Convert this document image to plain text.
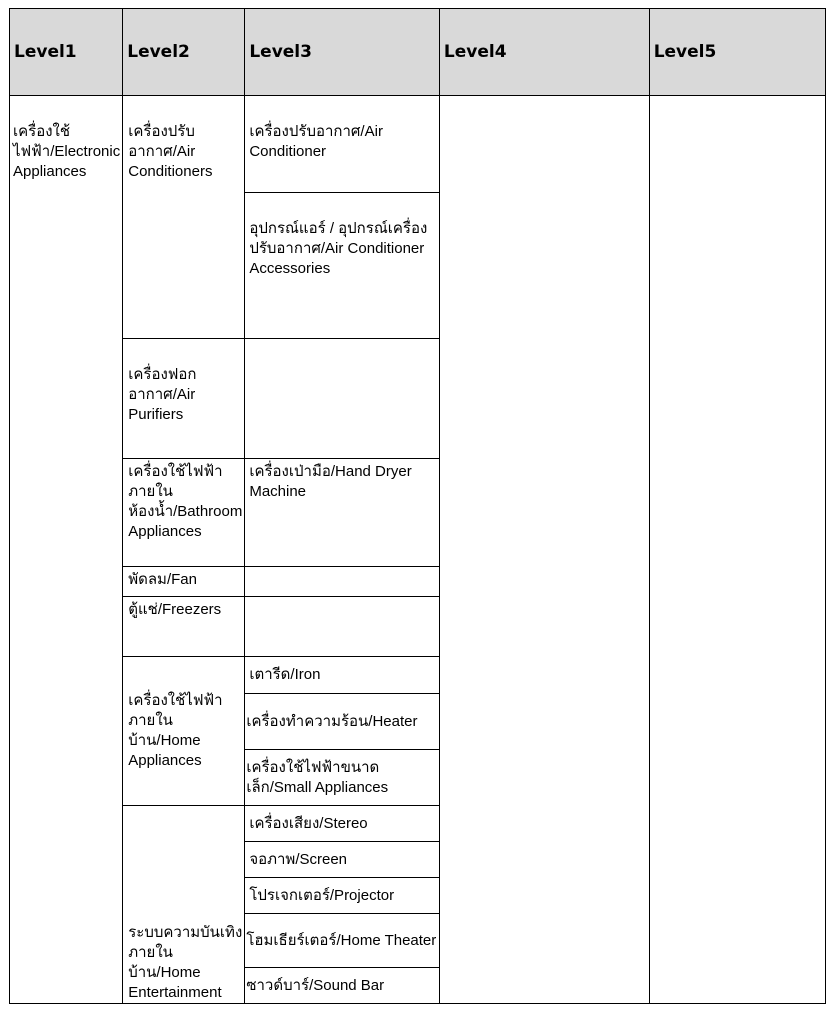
Level1	Level2	Level3	Level4	Level5
เครื่องใช้ไฟฟ้า/Electronic Appliances	เครื่องปรับอากาศ/Air Conditioners	เครื่องปรับอากาศ/Air Conditioner		
		อุปกรณ์แอร์ / อุปกรณ์เครื่องปรับอากาศ/Air Conditioner Accessories		
	เครื่องฟอกอากาศ/Air Purifiers			
	เครื่องใช้ไฟฟ้าภายในห้องน้ำ/Bathroom Appliances	เครื่องเป่ามือ/Hand Dryer Machine		
	พัดลม/Fan			
	ตู้แช่/Freezers			
	เครื่องใช้ไฟฟ้าภายในบ้าน/Home Appliances	เตารีด/Iron		
		เครื่องทำความร้อน/Heater		
		เครื่องใช้ไฟฟ้าขนาดเล็ก/Small Appliances		
	ระบบความบันเทิงภายในบ้าน/Home Entertainment	เครื่องเสียง/Stereo		
		จอภาพ/Screen		
		โปรเจกเตอร์/Projector		
		โฮมเธียร์เตอร์/Home Theater		
		ซาวด์บาร์/Sound Bar		
